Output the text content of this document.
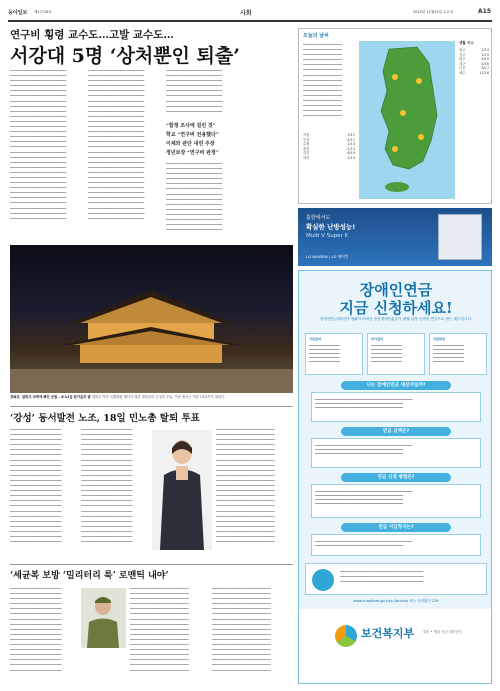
동아일보 제27718호	사회	2010년 11월10일 수요일	A15
연구비 횡령 교수도…고발 교수도…
서강대 5명 ‘상처뿐인 퇴출’

▁▁▁▁▁▁▁▁▁▁▁▁▁▁▁▁▁▁▁▁▁▁▁

▁▁▁▁▁▁▁▁▁▁▁▁▁▁▁▁▁▁▁▁▁▁▁

▁▁▁▁▁▁▁▁▁▁▁▁▁▁▁▁▁▁▁▁▁▁▁

▁▁▁▁▁▁▁▁▁▁▁▁▁▁▁▁▁▁▁▁▁▁▁

▁▁▁▁▁▁▁▁▁▁▁▁▁▁▁▁▁▁▁▁▁▁▁

▁▁▁▁▁▁▁▁▁▁▁▁▁▁▁▁▁▁▁▁▁▁▁

▁▁▁▁▁▁▁▁▁▁▁▁▁▁▁▁▁▁▁▁▁▁▁

▁▁▁▁▁▁▁▁▁▁▁▁▁▁▁▁▁▁▁▁▁▁▁

▁▁▁▁▁▁▁▁▁▁▁▁▁▁▁▁▁▁▁▁▁▁▁

▁▁▁▁▁▁▁▁▁▁▁▁▁▁▁▁▁▁▁▁▁▁▁

▁▁▁▁▁▁▁▁▁▁▁▁▁▁▁▁▁▁▁▁▁▁▁

▁▁▁▁▁▁▁▁▁▁▁▁▁▁▁▁▁▁▁▁▁▁▁

▁▁▁▁▁▁▁▁▁▁▁▁▁▁▁▁▁▁▁▁▁▁▁

▁▁▁▁▁▁▁▁▁▁▁▁▁▁▁▁▁▁▁▁▁▁▁

▁▁▁▁▁▁▁▁▁▁▁▁▁▁▁▁▁▁▁▁▁▁▁

▁▁▁▁▁▁▁▁▁▁▁▁▁▁▁▁▁▁▁▁▁▁▁

▁▁▁▁▁▁▁▁▁▁▁▁▁▁▁▁▁▁▁▁▁▁▁

▁▁▁▁▁▁▁▁▁▁▁▁▁▁▁▁▁▁▁▁▁▁▁

▁▁▁▁▁▁▁▁▁▁▁▁▁▁▁▁▁▁▁▁▁▁▁

▁▁▁▁▁▁▁▁▁▁▁▁▁▁▁▁▁▁▁▁▁▁▁

▁▁▁▁▁▁▁▁▁▁▁▁▁▁▁▁▁▁▁▁▁▁▁

▁▁▁▁▁▁▁▁▁▁▁▁▁▁▁▁▁▁▁▁▁▁▁

▁▁▁▁▁▁▁▁▁▁▁▁▁▁▁▁▁▁▁▁▁▁▁

▁▁▁▁▁▁▁▁▁▁▁▁▁▁▁▁▁▁▁▁▁▁▁

▁▁▁▁▁▁▁▁▁▁▁▁▁▁▁▁▁▁▁▁▁▁▁

▁▁▁▁▁▁▁▁▁▁▁▁▁▁▁▁▁▁▁▁▁▁▁

▁▁▁▁▁▁▁▁▁▁▁▁▁▁▁▁▁▁▁▁▁▁▁

▁▁▁▁▁▁▁▁▁▁▁▁▁▁▁▁▁▁▁▁▁▁▁

▁▁▁▁▁▁▁▁▁▁▁▁▁▁▁▁▁▁▁▁▁▁▁

▁▁▁▁▁▁▁▁▁▁▁▁▁▁▁▁▁▁▁▁▁▁▁

▁▁▁▁▁▁▁▁▁▁▁▁▁▁▁▁▁▁▁▁▁▁▁

▁▁▁▁▁▁▁▁▁▁▁▁▁▁▁▁▁▁▁▁▁▁▁

▁▁▁▁▁▁▁▁▁▁▁▁▁▁▁▁▁▁▁▁▁▁▁

▁▁▁▁▁▁▁▁▁▁▁▁▁▁▁▁▁▁▁▁▁▁▁

▁▁▁▁▁▁▁▁▁▁▁▁▁▁▁▁▁▁▁▁▁▁▁

▁▁▁▁▁▁▁▁▁▁▁▁▁▁▁▁▁▁▁▁▁▁▁

▁▁▁▁▁▁▁▁▁▁▁▁▁▁▁▁▁▁▁▁▁▁▁

▁▁▁▁▁▁▁▁▁▁▁▁▁▁▁▁▁▁▁▁▁▁▁

▁▁▁▁▁▁▁▁▁▁▁▁▁▁▁▁▁▁▁▁▁▁▁

▁▁▁▁▁▁▁▁▁▁▁▁▁▁▁▁▁▁▁▁▁▁▁

▁▁▁▁▁▁▁▁▁▁▁▁▁▁▁▁▁▁▁▁▁▁▁

▁▁▁▁▁▁▁▁▁▁▁▁▁▁▁▁▁▁▁▁▁▁▁

▁▁▁▁▁▁▁▁▁▁▁▁▁▁▁▁▁▁▁▁▁▁▁

▁▁▁▁▁▁▁▁▁▁▁▁▁▁▁▁▁▁▁▁▁▁▁

▁▁▁▁▁▁▁▁▁▁▁▁▁▁▁▁▁▁▁▁▁▁▁

▁▁▁▁▁▁▁▁▁▁▁▁▁▁▁▁▁▁▁▁▁▁▁

▁▁▁▁▁▁▁▁▁▁▁▁▁▁▁▁▁▁▁▁▁▁▁

▁▁▁▁▁▁▁▁▁▁▁▁▁▁▁▁▁▁▁▁▁▁▁

▁▁▁▁▁▁▁▁▁▁▁▁▁▁▁▁▁▁▁▁▁▁▁

▁▁▁▁▁▁▁▁▁▁▁▁▁▁▁▁▁▁▁▁▁▁▁

▁▁▁▁▁▁▁▁▁▁▁▁▁▁▁▁▁▁▁▁▁▁▁

▁▁▁▁▁▁▁▁▁▁▁▁▁▁▁▁▁▁▁▁▁▁▁

▁▁▁▁▁▁▁▁▁▁▁▁▁▁▁▁▁▁▁▁▁▁▁

▁▁▁▁▁▁▁▁▁▁▁▁▁▁▁▁▁▁▁▁▁▁▁

▁▁▁▁▁▁▁▁▁▁▁▁▁▁▁▁▁▁▁▁▁▁▁

▁▁▁▁▁▁▁▁▁▁▁▁▁▁▁▁▁▁▁▁▁▁▁

▁▁▁▁▁▁▁▁▁▁▁▁▁▁▁▁▁▁▁▁▁▁▁

▁▁▁▁▁▁▁▁▁▁▁▁▁▁▁▁▁▁▁▁▁▁▁

▁▁▁▁▁▁▁▁▁▁▁▁▁▁▁▁▁▁▁▁▁▁▁

▁▁▁▁▁▁▁▁▁▁▁▁▁▁▁▁▁▁▁▁▁▁▁

“함정 조사에 걸린 것”
학교 “연구비 전용했다”
이제와 판단 내린 주장
정년보장 “연구비 판정”

▁▁▁▁▁▁▁▁▁▁▁▁▁▁▁▁▁▁▁▁▁▁▁

▁▁▁▁▁▁▁▁▁▁▁▁▁▁▁▁▁▁▁▁▁▁▁

▁▁▁▁▁▁▁▁▁▁▁▁▁▁▁▁▁▁▁▁▁▁▁

▁▁▁▁▁▁▁▁▁▁▁▁▁▁▁▁▁▁▁▁▁▁▁

▁▁▁▁▁▁▁▁▁▁▁▁▁▁▁▁▁▁▁▁▁▁▁

▁▁▁▁▁▁▁▁▁▁▁▁▁▁▁▁▁▁▁▁▁▁▁

▁▁▁▁▁▁▁▁▁▁▁▁▁▁▁▁▁▁▁▁▁▁▁

▁▁▁▁▁▁▁▁▁▁▁▁▁▁▁▁▁▁▁▁▁▁▁

▁▁▁▁▁▁▁▁▁▁▁▁▁▁▁▁▁▁▁▁▁▁▁

▁▁▁▁▁▁▁▁▁▁▁▁▁▁▁▁▁▁▁▁▁▁▁

▁▁▁▁▁▁▁▁▁▁▁▁▁▁▁▁▁▁▁▁▁▁▁

▁▁▁▁▁▁▁▁▁▁▁▁▁▁▁▁▁▁▁▁▁▁▁

▁▁▁▁▁▁▁▁▁▁▁▁▁▁▁▁▁▁▁▁▁▁▁

▁▁▁▁▁▁▁▁▁▁▁▁▁▁▁▁▁▁▁▁▁▁▁

▁▁▁▁▁▁▁▁▁▁▁▁▁▁▁▁▁▁▁▁▁▁▁

▁▁▁▁▁▁▁▁▁▁▁▁▁▁▁▁▁▁▁▁▁▁▁

▁▁▁▁▁▁▁▁▁▁▁▁▁▁▁▁▁▁▁▁▁▁▁

▁▁▁▁▁▁▁▁▁▁▁▁▁▁▁▁▁▁▁▁▁▁▁

▁▁▁▁▁▁▁▁▁▁▁▁▁▁▁▁▁▁▁▁▁▁▁

▁▁▁▁▁▁▁▁▁▁▁▁▁▁▁▁▁▁▁▁▁▁▁

▁▁▁▁▁▁▁▁▁▁▁▁▁▁▁▁▁▁▁▁▁▁▁

▁▁▁▁▁▁▁▁▁▁▁▁▁▁▁▁▁▁▁▁▁▁▁

▁▁▁▁▁▁▁▁▁▁▁▁▁▁▁▁▁▁▁▁▁▁▁

경복궁, 달빛의 마력에 빠진 궁궐 – 6·11일 한가을의 밤 경복궁 야간 특별관람 행사가 열린 경복궁의 근정전 모습. 이번 행사는 이달 13일까지 열린다.
‘강성’ 동서발전 노조, 18일 민노총 탈퇴 투표

▁▁▁▁▁▁▁▁▁▁▁▁▁▁▁▁▁▁▁▁▁

▁▁▁▁▁▁▁▁▁▁▁▁▁▁▁▁▁▁▁▁▁

▁▁▁▁▁▁▁▁▁▁▁▁▁▁▁▁▁▁▁▁▁

▁▁▁▁▁▁▁▁▁▁▁▁▁▁▁▁▁▁▁▁▁

▁▁▁▁▁▁▁▁▁▁▁▁▁▁▁▁▁▁▁▁▁

▁▁▁▁▁▁▁▁▁▁▁▁▁▁▁▁▁▁▁▁▁

▁▁▁▁▁▁▁▁▁▁▁▁▁▁▁▁▁▁▁▁▁

▁▁▁▁▁▁▁▁▁▁▁▁▁▁▁▁▁▁▁▁▁

▁▁▁▁▁▁▁▁▁▁▁▁▁▁▁▁▁▁▁▁▁

▁▁▁▁▁▁▁▁▁▁▁▁▁▁▁▁▁▁▁▁▁

▁▁▁▁▁▁▁▁▁▁▁▁▁▁▁▁▁▁▁▁▁

▁▁▁▁▁▁▁▁▁▁▁▁▁▁▁▁▁▁▁▁▁

▁▁▁▁▁▁▁▁▁▁▁▁▁▁▁▁▁▁▁▁▁

▁▁▁▁▁▁▁▁▁▁▁▁▁▁▁▁▁▁▁▁▁

▁▁▁▁▁▁▁▁▁▁▁▁▁▁▁▁▁▁▁▁▁

▁▁▁▁▁▁▁▁▁▁▁▁▁▁▁▁▁▁▁▁▁

▁▁▁▁▁▁▁▁▁▁▁▁▁▁▁▁▁▁▁▁▁

▁▁▁▁▁▁▁▁▁▁▁▁▁▁▁▁▁▁▁▁▁

▁▁▁▁▁▁▁▁▁▁▁▁▁▁▁▁▁▁▁▁▁

▁▁▁▁▁▁▁▁▁▁▁▁▁▁▁▁▁▁▁▁▁

▁▁▁▁▁▁▁▁▁▁▁▁▁▁▁▁▁▁▁▁▁

▁▁▁▁▁▁▁▁▁▁▁▁▁▁▁▁▁▁▁▁▁

▁▁▁▁▁▁▁▁▁▁▁▁▁▁▁▁▁▁▁▁▁

▁▁▁▁▁▁▁▁▁▁▁▁▁▁▁▁▁▁▁▁▁

▁▁▁▁▁▁▁▁▁▁▁▁▁▁▁▁▁▁▁▁▁

▁▁▁▁▁▁▁▁▁▁▁▁▁▁▁▁▁▁▁▁▁

▁▁▁▁▁▁▁▁▁▁▁▁▁▁▁▁▁▁▁▁▁

▁▁▁▁▁▁▁▁▁▁▁▁▁▁▁▁▁▁▁▁▁

▁▁▁▁▁▁▁▁▁▁▁▁▁▁▁▁▁▁▁▁▁

▁▁▁▁▁▁▁▁▁▁▁▁▁▁▁▁▁▁▁▁▁

▁▁▁▁▁▁▁▁▁▁▁▁▁▁▁▁▁▁▁▁▁

▁▁▁▁▁▁▁▁▁▁▁▁▁▁▁▁▁▁▁▁▁

▁▁▁▁▁▁▁▁▁▁▁▁▁▁▁▁▁▁▁▁▁

▁▁▁▁▁▁▁▁▁▁▁▁▁▁▁▁▁▁▁▁▁

▁▁▁▁▁▁▁▁▁▁▁▁▁▁▁▁▁▁▁▁▁

▁▁▁▁▁▁▁▁▁▁▁▁▁▁▁▁▁▁▁▁▁

▁▁▁▁▁▁▁▁▁▁▁▁▁▁▁▁▁▁▁▁▁

▁▁▁▁▁▁▁▁▁▁▁▁▁▁▁▁▁▁▁▁▁

▁▁▁▁▁▁▁▁▁▁▁▁▁▁▁▁▁▁▁▁▁

▁▁▁▁▁▁▁▁▁▁▁▁▁▁▁▁▁▁▁▁▁

▁▁▁▁▁▁▁▁▁▁▁▁▁▁▁▁▁▁▁▁▁

▁▁▁▁▁▁▁▁▁▁▁▁▁▁▁▁▁▁▁▁▁

▁▁▁▁▁▁▁▁▁▁▁▁▁▁▁▁▁▁▁▁▁

▁▁▁▁▁▁▁▁▁▁▁▁▁▁▁▁▁▁▁▁▁

▁▁▁▁▁▁▁▁▁▁▁▁▁▁▁▁▁▁▁▁▁

▁▁▁▁▁▁▁▁▁▁▁▁▁▁▁▁▁▁▁▁▁

▁▁▁▁▁▁▁▁▁▁▁▁▁▁▁▁▁▁▁▁▁▁▁▁

▁▁▁▁▁▁▁▁▁▁▁▁▁▁▁▁▁▁▁▁▁▁▁▁

▁▁▁▁▁▁▁▁▁▁▁▁▁▁▁▁▁▁▁▁▁▁▁▁

▁▁▁▁▁▁▁▁▁▁▁▁▁▁▁▁▁▁▁▁▁▁▁▁

▁▁▁▁▁▁▁▁▁▁▁▁▁▁▁▁▁▁▁▁▁▁▁▁

▁▁▁▁▁▁▁▁▁▁▁▁▁▁▁▁▁▁▁▁▁▁▁▁

▁▁▁▁▁▁▁▁▁▁▁▁▁▁▁▁▁▁▁▁▁▁▁▁

▁▁▁▁▁▁▁▁▁▁▁▁▁▁▁▁▁▁▁▁▁▁▁▁

▁▁▁▁▁▁▁▁▁▁▁▁▁▁▁▁▁▁▁▁▁▁▁▁

▁▁▁▁▁▁▁▁▁▁▁▁▁▁▁▁▁▁▁▁▁▁▁▁

▁▁▁▁▁▁▁▁▁▁▁▁▁▁▁▁▁▁▁▁▁▁▁▁

▁▁▁▁▁▁▁▁▁▁▁▁▁▁▁▁▁▁▁▁▁▁▁▁

▁▁▁▁▁▁▁▁▁▁▁▁▁▁▁▁▁▁▁▁▁▁▁▁

▁▁▁▁▁▁▁▁▁▁▁▁▁▁▁▁▁▁▁▁▁▁▁▁

▁▁▁▁▁▁▁▁▁▁▁▁▁▁▁▁▁▁▁▁▁▁▁▁

▁▁▁▁▁▁▁▁▁▁▁▁▁▁▁▁▁▁▁▁▁▁▁▁

▁▁▁▁▁▁▁▁▁▁▁▁▁▁▁▁▁▁▁▁▁▁▁▁

▁▁▁▁▁▁▁▁▁▁▁▁▁▁▁▁▁▁▁▁▁▁▁▁

▁▁▁▁▁▁▁▁▁▁▁▁▁▁▁▁▁▁▁▁▁▁▁▁

▁▁▁▁▁▁▁▁▁▁▁▁▁▁▁▁▁▁▁▁▁▁▁▁

▁▁▁▁▁▁▁▁▁▁▁▁▁▁▁▁▁▁▁▁▁▁▁▁

▁▁▁▁▁▁▁▁▁▁▁▁▁▁▁▁▁▁▁▁▁▁▁▁

▁▁▁▁▁▁▁▁▁▁▁▁▁▁▁▁▁▁▁▁▁▁▁▁

‘세균복 보방 ‘밀리터리 룩’ 로맨틱 내야’

▁▁▁▁▁▁▁▁▁▁▁▁▁▁▁▁▁▁▁▁▁

▁▁▁▁▁▁▁▁▁▁▁▁▁▁▁▁▁▁▁▁▁

▁▁▁▁▁▁▁▁▁▁▁▁▁▁▁▁▁▁▁▁▁

▁▁▁▁▁▁▁▁▁▁▁▁▁▁▁▁▁▁▁▁▁

▁▁▁▁▁▁▁▁▁▁▁▁▁▁▁▁▁▁▁▁▁

▁▁▁▁▁▁▁▁▁▁▁▁▁▁▁▁▁▁▁▁▁

▁▁▁▁▁▁▁▁▁▁▁▁▁▁▁▁▁▁▁▁▁

▁▁▁▁▁▁▁▁▁▁▁▁▁▁▁▁▁▁▁▁▁

▁▁▁▁▁▁▁▁▁▁▁▁▁▁▁▁▁▁▁▁▁

▁▁▁▁▁▁▁▁▁▁▁▁▁▁▁▁▁▁▁▁▁

▁▁▁▁▁▁▁▁▁▁▁▁▁▁▁▁▁▁▁▁▁

▁▁▁▁▁▁▁▁▁▁▁▁▁▁▁▁▁▁▁▁▁

▁▁▁▁▁▁▁▁▁▁▁▁▁▁▁▁▁▁▁▁▁

▁▁▁▁▁▁▁▁▁▁▁▁▁▁▁▁▁▁▁▁▁

▁▁▁▁▁▁▁▁▁▁▁▁▁▁▁▁▁▁▁▁▁

▁▁▁▁▁▁▁▁▁▁▁▁▁▁▁▁▁▁▁▁▁

▁▁▁▁▁▁▁▁▁▁▁▁▁▁▁▁▁▁▁▁▁

▁▁▁▁▁▁▁▁▁▁▁▁▁▁▁▁▁▁▁▁▁▁▁▁

▁▁▁▁▁▁▁▁▁▁▁▁▁▁▁▁▁▁▁▁▁▁▁▁

▁▁▁▁▁▁▁▁▁▁▁▁▁▁▁▁▁▁▁▁▁▁▁▁

▁▁▁▁▁▁▁▁▁▁▁▁▁▁▁▁▁▁▁▁▁▁▁▁

▁▁▁▁▁▁▁▁▁▁▁▁▁▁▁▁▁▁▁▁▁▁▁▁

▁▁▁▁▁▁▁▁▁▁▁▁▁▁▁▁▁▁▁▁▁▁▁▁

▁▁▁▁▁▁▁▁▁▁▁▁▁▁▁▁▁▁▁▁▁▁▁▁

▁▁▁▁▁▁▁▁▁▁▁▁▁▁▁▁▁▁▁▁▁▁▁▁

▁▁▁▁▁▁▁▁▁▁▁▁▁▁▁▁▁▁▁▁▁▁▁▁

▁▁▁▁▁▁▁▁▁▁▁▁▁▁▁▁▁▁▁▁▁▁▁▁

▁▁▁▁▁▁▁▁▁▁▁▁▁▁▁▁▁▁▁▁▁▁▁▁

▁▁▁▁▁▁▁▁▁▁▁▁▁▁▁▁▁▁▁▁▁▁▁▁

▁▁▁▁▁▁▁▁▁▁▁▁▁▁▁▁▁▁▁▁▁▁▁▁

▁▁▁▁▁▁▁▁▁▁▁▁▁▁▁▁▁▁▁▁▁▁▁▁

▁▁▁▁▁▁▁▁▁▁▁▁▁▁▁▁▁▁▁▁▁▁▁▁

▁▁▁▁▁▁▁▁▁▁▁▁▁▁▁▁▁▁▁▁▁▁▁▁

▁▁▁▁▁▁▁▁▁▁▁▁▁▁▁▁▁▁▁▁▁▁▁▁

▁▁▁▁▁▁▁▁▁▁▁▁▁▁▁▁▁▁▁▁▁▁▁▁

▁▁▁▁▁▁▁▁▁▁▁▁▁▁▁▁▁▁▁▁▁▁▁▁

▁▁▁▁▁▁▁▁▁▁▁▁▁▁▁▁▁▁▁▁▁▁▁▁

▁▁▁▁▁▁▁▁▁▁▁▁▁▁▁▁▁▁▁▁▁▁▁▁

▁▁▁▁▁▁▁▁▁▁▁▁▁▁▁▁▁▁▁▁▁▁▁▁

▁▁▁▁▁▁▁▁▁▁▁▁▁▁▁▁▁▁▁▁▁▁▁▁

▁▁▁▁▁▁▁▁▁▁▁▁▁▁▁▁▁▁▁▁▁▁▁▁

▁▁▁▁▁▁▁▁▁▁▁▁▁▁▁▁▁▁▁▁▁▁▁▁

▁▁▁▁▁▁▁▁▁▁▁▁▁▁▁▁▁▁▁▁▁▁▁▁

▁▁▁▁▁▁▁▁▁▁▁▁▁▁▁▁▁▁▁▁▁▁▁▁

▁▁▁▁▁▁▁▁▁▁▁▁▁▁▁▁▁▁▁▁▁▁▁▁

▁▁▁▁▁▁▁▁▁▁▁▁▁▁▁▁▁▁▁▁▁▁▁▁

▁▁▁▁▁▁▁▁▁▁▁▁▁▁▁▁▁▁▁▁▁▁▁▁

▁▁▁▁▁▁▁▁▁▁▁▁▁▁▁▁▁▁▁▁▁▁▁▁

▁▁▁▁▁▁▁▁▁▁▁▁▁▁▁▁▁▁▁▁▁▁▁▁

▁▁▁▁▁▁▁▁▁▁▁▁▁▁▁▁▁▁▁▁▁▁▁▁

▁▁▁▁▁▁▁▁▁▁▁▁▁▁▁▁▁▁▁▁▁▁▁▁

오늘의 날씨

▁▁▁▁▁▁▁▁▁▁▁▁▁▁▁▁

▁▁▁▁▁▁▁▁▁▁▁▁▁▁▁▁

▁▁▁▁▁▁▁▁▁▁▁▁▁▁▁▁

▁▁▁▁▁▁▁▁▁▁▁▁▁▁▁▁

▁▁▁▁▁▁▁▁▁▁▁▁▁▁▁▁

▁▁▁▁▁▁▁▁▁▁▁▁▁▁▁▁

▁▁▁▁▁▁▁▁▁▁▁▁▁▁▁▁

▁▁▁▁▁▁▁▁▁▁▁▁▁▁▁▁

▁▁▁▁▁▁▁▁▁▁▁▁▁▁▁▁

▁▁▁▁▁▁▁▁▁▁▁▁▁▁▁▁

▁▁▁▁▁▁▁▁▁▁▁▁▁▁▁▁

▁▁▁▁▁▁▁▁▁▁▁▁▁▁▁▁

▁▁▁▁▁▁▁▁▁▁▁▁▁▁▁▁

▁▁▁▁▁▁▁▁▁▁▁▁▁▁▁▁

▁▁▁▁▁▁▁▁▁▁▁▁▁▁▁▁

서울	3/12
인천	4/11
수원	1/13
춘천	-1/12
강릉	6/14
대전	2/14
생활 지수
청주	2/14
전주	3/15
광주	5/15
대구	4/16
부산	8/17
제주	11/16
흡한에서도
확실한 난방성능!
Multi V Super II
LG WHISEN | LG 에어컨
장애인연금
지금 신청하세요!
장애인연금제도란? 생활이 어려운 중증장애인분들이 매월 일정 금액을 연금으로 받는 제도입니다.
기초급여
▁▁▁▁▁▁▁▁▁▁▁▁▁ ▁▁▁▁▁▁▁▁▁▁▁▁▁ ▁▁▁▁▁▁▁▁▁▁▁▁▁ ▁▁▁▁▁▁▁▁▁▁▁▁▁ ▁▁▁▁▁▁▁▁▁▁▁▁▁
부가급여
▁▁▁▁▁▁▁▁▁▁▁▁▁ ▁▁▁▁▁▁▁▁▁▁▁▁▁ ▁▁▁▁▁▁▁▁▁▁▁▁▁ ▁▁▁▁▁▁▁▁▁▁▁▁▁ ▁▁▁▁▁▁▁▁▁▁▁▁▁
지급대상
▁▁▁▁▁▁▁▁▁▁▁▁▁ ▁▁▁▁▁▁▁▁▁▁▁▁▁ ▁▁▁▁▁▁▁▁▁▁▁▁▁ ▁▁▁▁▁▁▁▁▁▁▁▁▁ ▁▁▁▁▁▁▁▁▁▁▁▁▁
나는 장애인연금 대상자일까?
▁▁▁▁▁▁▁▁▁▁▁▁▁▁▁▁▁▁▁▁▁▁▁▁▁▁▁▁▁▁▁▁▁▁▁▁▁▁▁▁▁ ▁▁▁▁▁▁▁▁▁▁▁▁▁▁▁▁▁▁▁▁▁▁▁▁▁▁▁▁▁▁▁▁▁▁▁▁▁ ▁▁▁▁▁▁▁▁▁▁▁▁▁▁▁▁▁▁▁▁▁▁▁▁▁▁▁▁▁▁▁▁▁▁▁▁▁
연금 금액은?
▁▁▁▁▁▁▁▁▁▁▁▁▁▁▁▁▁▁▁▁▁▁▁▁▁▁▁▁▁▁▁▁▁▁▁▁▁▁▁▁▁ ▁▁▁▁▁▁▁▁▁▁▁▁▁▁▁▁▁▁▁▁▁▁▁▁▁▁▁▁▁▁▁▁▁▁▁▁▁ ▁▁▁▁▁▁▁▁▁▁▁▁▁▁▁▁▁▁▁▁▁▁▁▁▁▁▁▁▁▁▁▁▁▁▁▁▁
연금 신청 방법은?
▁▁▁▁▁▁▁▁▁▁▁▁▁▁▁▁▁▁▁▁▁▁▁▁▁▁▁▁▁▁▁▁▁▁▁▁▁▁▁▁▁ ▁▁▁▁▁▁▁▁▁▁▁▁▁▁▁▁▁▁▁▁▁▁▁▁▁▁▁▁▁▁▁▁▁▁▁▁▁ ▁▁▁▁▁▁▁▁▁▁▁▁▁▁▁▁▁▁▁▁▁▁▁▁▁▁▁▁▁▁▁▁▁▁▁▁▁ ▁▁▁▁▁▁▁▁▁▁▁▁▁▁▁▁▁▁▁▁▁▁▁▁▁▁▁▁▁▁▁▁▁▁▁▁▁
연금 지급정지는?
▁▁▁▁▁▁▁▁▁▁▁▁▁▁▁▁▁▁▁▁▁▁▁▁▁▁▁▁▁▁▁▁▁▁▁▁▁▁▁▁▁ ▁▁▁▁▁▁▁▁▁▁▁▁▁▁▁▁▁▁▁▁▁▁▁▁▁▁▁▁▁▁▁▁▁▁▁▁▁

▁▁▁▁▁▁▁▁▁▁▁▁▁▁▁▁▁▁▁▁▁▁▁▁▁▁▁▁▁▁▁▁▁▁

▁▁▁▁▁▁▁▁▁▁▁▁▁▁▁▁▁▁▁▁▁▁▁▁▁▁▁▁▁▁▁▁▁▁

▁▁▁▁▁▁▁▁▁▁▁▁▁▁▁▁▁▁▁▁▁▁▁▁▁▁▁▁▁▁▁▁▁▁

www.e-welfare.go.kr(e-Service) 또는 국번없이 129
보건복지부	희망 • 행복 공존 대한민국
